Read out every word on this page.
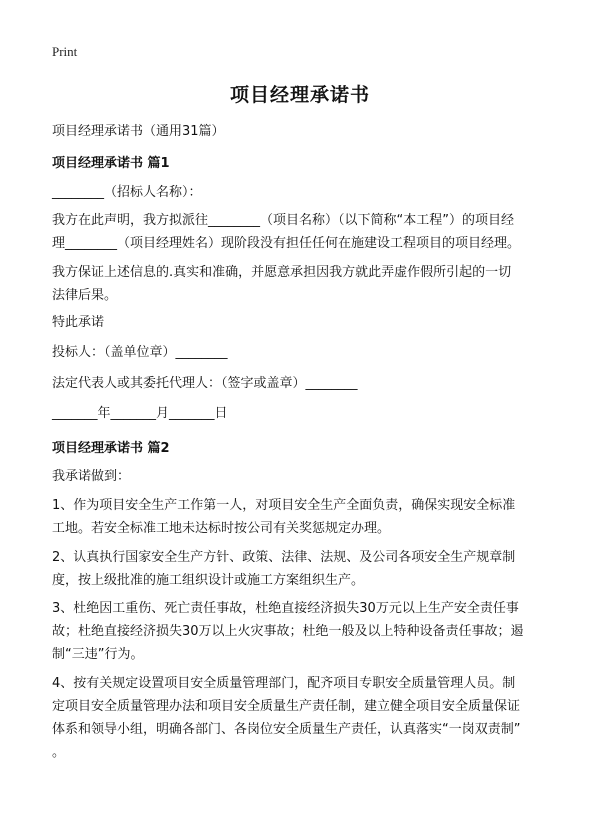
Print
项目经理承诺书
项目经理承诺书（通用31篇）
项目经理承诺书 篇1
________（招标人名称）：
我方在此声明，我方拟派往________（项目名称）（以下简称“本工程”）的项目经
理________（项目经理姓名）现阶段没有担任任何在施建设工程项目的项目经理。
我方保证上述信息的.真实和准确，并愿意承担因我方就此弄虚作假所引起的一切
法律后果。
特此承诺
投标人：（盖单位章）________
法定代表人或其委托代理人：（签字或盖章）________
_______年_______月_______日
项目经理承诺书 篇2
我承诺做到：
1、作为项目安全生产工作第一人，对项目安全生产全面负责，确保实现安全标准
工地。若安全标准工地未达标时按公司有关奖惩规定办理。
2、认真执行国家安全生产方针、政策、法律、法规、及公司各项安全生产规章制
度，按上级批准的施工组织设计或施工方案组织生产。
3、杜绝因工重伤、死亡责任事故，杜绝直接经济损失30万元以上生产安全责任事
故；杜绝直接经济损失30万以上火灾事故；杜绝一般及以上特种设备责任事故；遏
制“三违”行为。
4、按有关规定设置项目安全质量管理部门，配齐项目专职安全质量管理人员。制
定项目安全质量管理办法和项目安全质量生产责任制，建立健全项目安全质量保证
体系和领导小组，明确各部门、各岗位安全质量生产责任，认真落实“一岗双责制”
。
